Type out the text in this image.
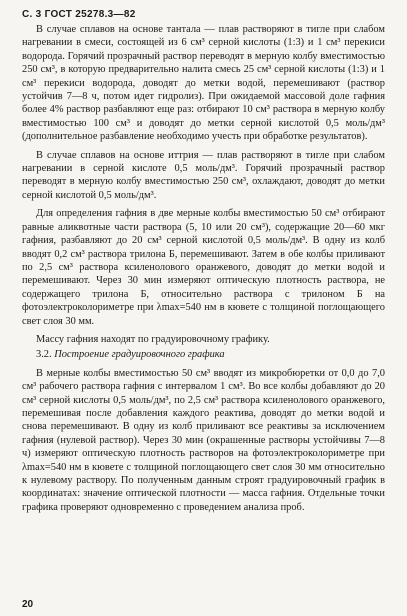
С. 3 ГОСТ 25278.3—82

В случае сплавов на основе тантала — плав растворяют в тигле при слабом нагревании в смеси, состоящей из 6 см³ серной кислоты (1:3) и 1 см³ перекиси водорода. Горячий прозрачный раствор переводят в мерную колбу вместимостью 250 см³, в которую предварительно налита смесь 25 см³ серной кислоты (1:3) и 1 см³ перекиси водорода, доводят до метки водой, перемешивают (раствор устойчив 7—8 ч, потом идет гидролиз). При ожидаемой массовой доле гафния более 4% раствор разбавляют еще раз: отбирают 10 см³ раствора в мерную колбу вместимостью 100 см³ и доводят до метки серной кислотой 0,5 моль/дм³ (дополнительное разбавление необходимо учесть при обработке результатов).

В случае сплавов на основе иттрия — плав растворяют в тигле при слабом нагревании в серной кислоте 0,5 моль/дм³. Горячий прозрачный раствор переводят в мерную колбу вместимостью 250 см³, охлаждают, доводят до метки серной кислотой 0,5 моль/дм³.

Для определения гафния в две мерные колбы вместимостью 50 см³ отбирают равные аликвотные части раствора (5, 10 или 20 см³), содержащие 20—60 мкг гафния, разбавляют до 20 см³ серной кислотой 0,5 моль/дм³. В одну из колб вводят 0,2 см³ раствора трилона Б, перемешивают. Затем в обе колбы приливают по 2,5 см³ раствора ксиленолового оранжевого, доводят до метки водой и перемешивают. Через 30 мин измеряют оптическую плотность раствора, не содержащего трилона Б, относительно раствора с трилоном Б на фотоэлектроколориметре при λmax=540 нм в кювете с толщиной поглощающего свет слоя 30 мм.

Массу гафния находят по градуировочному графику.

3.2. Построение градуировочного графика

В мерные колбы вместимостью 50 см³ вводят из микробюретки от 0,0 до 7,0 см³ рабочего раствора гафния с интервалом 1 см³. Во все колбы добавляют до 20 см³ серной кислоты 0,5 моль/дм³, по 2,5 см³ раствора ксиленолового оранжевого, перемешивая после добавления каждого реактива, доводят до метки водой и снова перемешивают. В одну из колб приливают все реактивы за исключением гафния (нулевой раствор). Через 30 мин (окрашенные растворы устойчивы 7—8 ч) измеряют оптическую плотность растворов на фотоэлектроколориметре при λmax=540 нм в кювете с толщиной поглощающего свет слоя 30 мм относительно к нулевому раствору. По полученным данным строят градуировочный график в координатах: значение оптической плотности — масса гафния. Отдельные точки графика проверяют одновременно с проведением анализа проб.

20
